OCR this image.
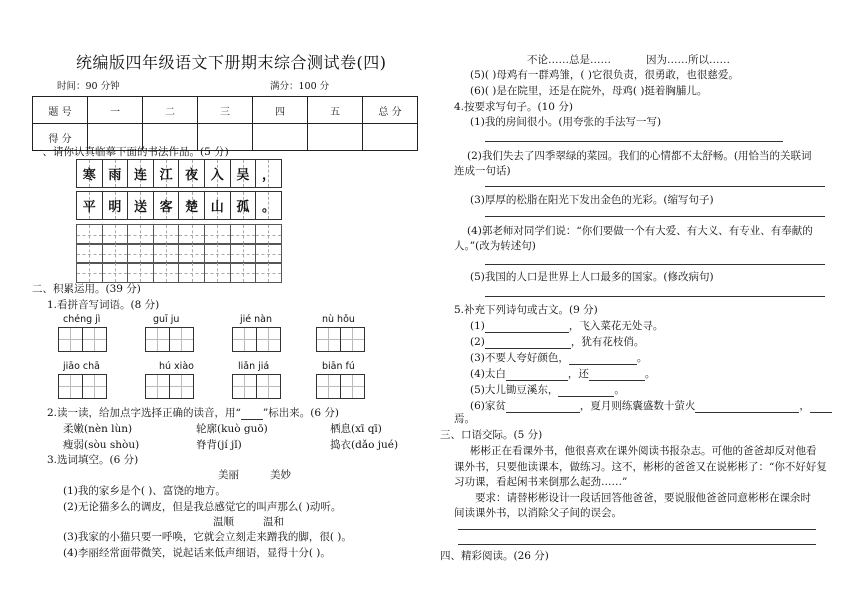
统编版四年级语文下册期末综合测试卷(四)
时间：90 分钟	满分：100 分
题 号	一	二	三	四	五	总 分
得 分						
一、请你认真临摹下面的书法作品。(5 分)
寒 雨 连 江 夜 入 吴 ，
平 明 送 客 楚 山 孤 。
二、积累运用。(39 分)
1.看拼音写词语。(8 分)
chéng jì	guī ju	jié nàn	nù hǒu
jiāo chā	hú xiào	liǎn jiá	biān fú
2.读一读，给加点字选择正确的读音，用“ ”标出来。(6 分)
柔嫩(nèn lùn)	轮廓(kuò guō)	栖息(xī qī)
瘦弱(sòu shòu)	脊背(jí jǐ)	捣衣(dǎo jué)
3.选词填空。(6 分)
美丽	美妙
(1)我的家乡是个( )、富饶的地方。
(2)无论猫多么的调皮，但是我总感觉它的叫声那么( )动听。
温顺	温和
(3)我家的小猫只要一呼唤，它就会立刻走来蹭我的脚，很( )。
(4)李丽经常面带微笑，说起话来低声细语，显得十分( )。
不论……总是……	因为……所以……
(5)( )母鸡有一群鸡雏，( )它很负责，很勇敢，也很慈爱。
(6)( )是在院里，还是在院外，母鸡( )挺着胸脯儿。
4.按要求写句子。(10 分)
(1)我的房间很小。(用夸张的手法写一写)
(2)我们失去了四季翠绿的菜园。我们的心情都不太舒畅。(用恰当的关联词
连成一句话)
(3)厚厚的松脂在阳光下发出金色的光彩。(缩写句子)
(4)郭老师对同学们说：“你们要做一个有大爱、有大义、有专业、有奉献的
人。”(改为转述句)
(5)我国的人口是世界上人口最多的国家。(修改病句)
5.补充下列诗句或古文。(9 分)
(1)	，飞入菜花无处寻。
(2)	，犹有花枝俏。
(3)不要人夸好颜色，	。
(4)太白	，还	。
(5)大儿锄豆溪东，	。
(6)家贫	，夏月则练囊盛数十萤火	，
焉。
三、口语交际。(5 分)
彬彬正在看课外书，他很喜欢在课外阅读书报杂志。可他的爸爸却反对他看
课外书，只要他读课本，做练习。这不，彬彬的爸爸又在说彬彬了：“你不好好复
习功课，看起闲书来倒那么起劲……”
要求：请替彬彬设计一段话回答他爸爸，要说服他爸爸同意彬彬在课余时
间读课外书，以消除父子间的误会。
四、精彩阅读。(26 分)
